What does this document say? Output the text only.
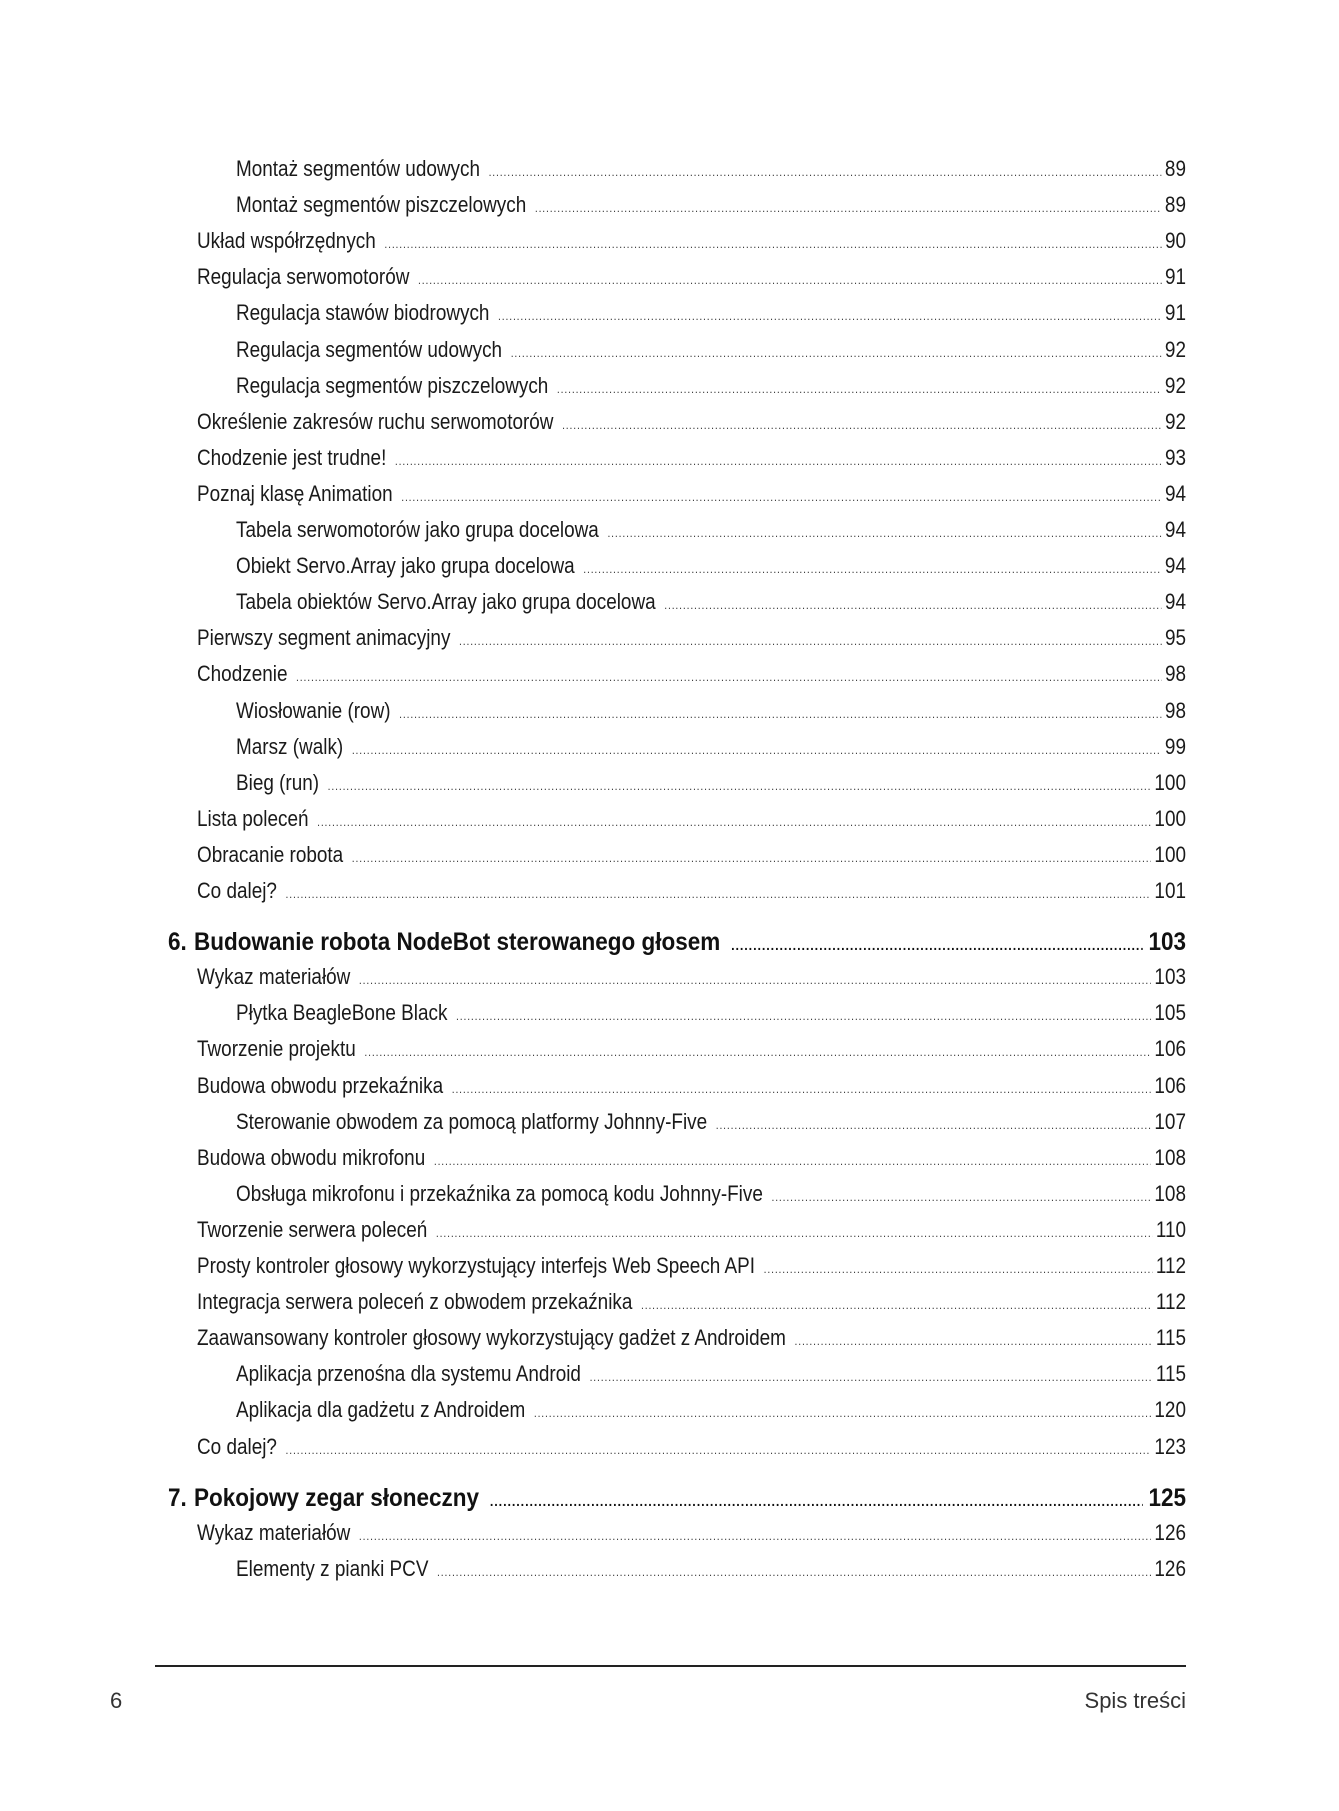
Montaż segmentów udowych .....	89
Montaż segmentów piszczelowych .....	89
Układ współrzędnych .....	90
Regulacja serwomotorów .....	91
Regulacja stawów biodrowych .....	91
Regulacja segmentów udowych .....	92
Regulacja segmentów piszczelowych .....	92
Określenie zakresów ruchu serwomotorów .....	92
Chodzenie jest trudne! .....	93
Poznaj klasę Animation .....	94
Tabela serwomotorów jako grupa docelowa .....	94
Obiekt Servo.Array jako grupa docelowa .....	94
Tabela obiektów Servo.Array jako grupa docelowa .....	94
Pierwszy segment animacyjny .....	95
Chodzenie .....	98
Wiosłowanie (row) .....	98
Marsz (walk) .....	99
Bieg (run) .....	100
Lista poleceń .....	100
Obracanie robota .....	100
Co dalej? .....	101
6. Budowanie robota NodeBot sterowanego głosem .....	103
Wykaz materiałów .....	103
Płytka BeagleBone Black .....	105
Tworzenie projektu .....	106
Budowa obwodu przekaźnika .....	106
Sterowanie obwodem za pomocą platformy Johnny-Five .....	107
Budowa obwodu mikrofonu .....	108
Obsługa mikrofonu i przekaźnika za pomocą kodu Johnny-Five .....	108
Tworzenie serwera poleceń .....	110
Prosty kontroler głosowy wykorzystujący interfejs Web Speech API .....	112
Integracja serwera poleceń z obwodem przekaźnika .....	112
Zaawansowany kontroler głosowy wykorzystujący gadżet z Androidem .....	115
Aplikacja przenośna dla systemu Android .....	115
Aplikacja dla gadżetu z Androidem .....	120
Co dalej? .....	123
7. Pokojowy zegar słoneczny .....	125
Wykaz materiałów .....	126
Elementy z pianki PCV .....	126
6	Spis treści
